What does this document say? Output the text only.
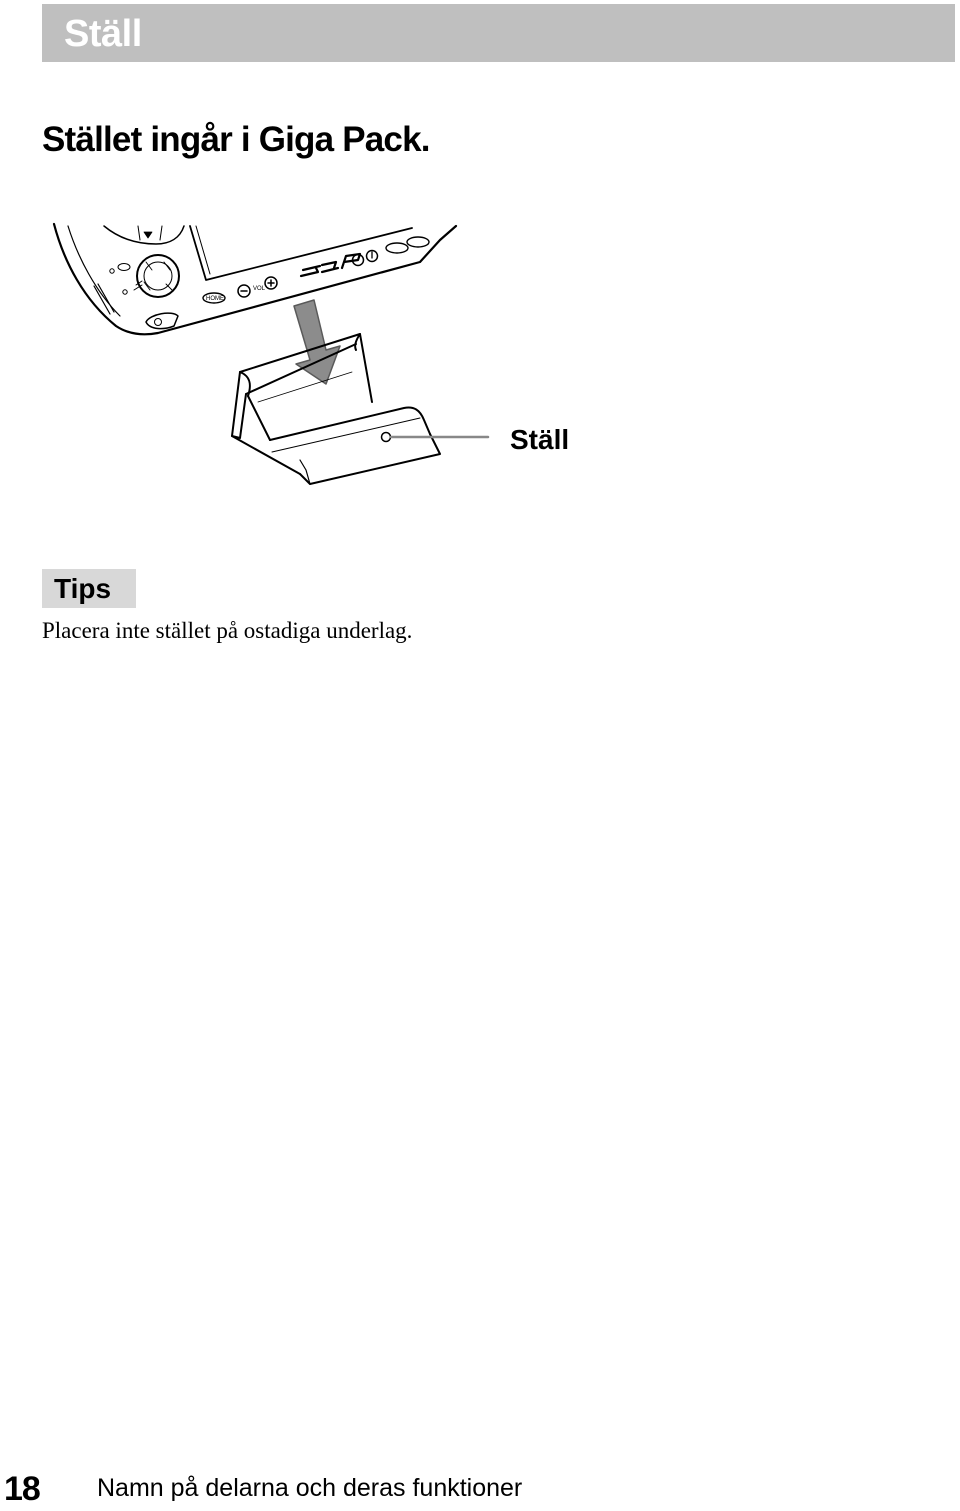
Ställ
Stället ingår i Giga Pack.
HOME
VOL
Ställ
Tips

Placera inte stället på ostadiga underlag.

18 Namn på delarna och deras funktioner
